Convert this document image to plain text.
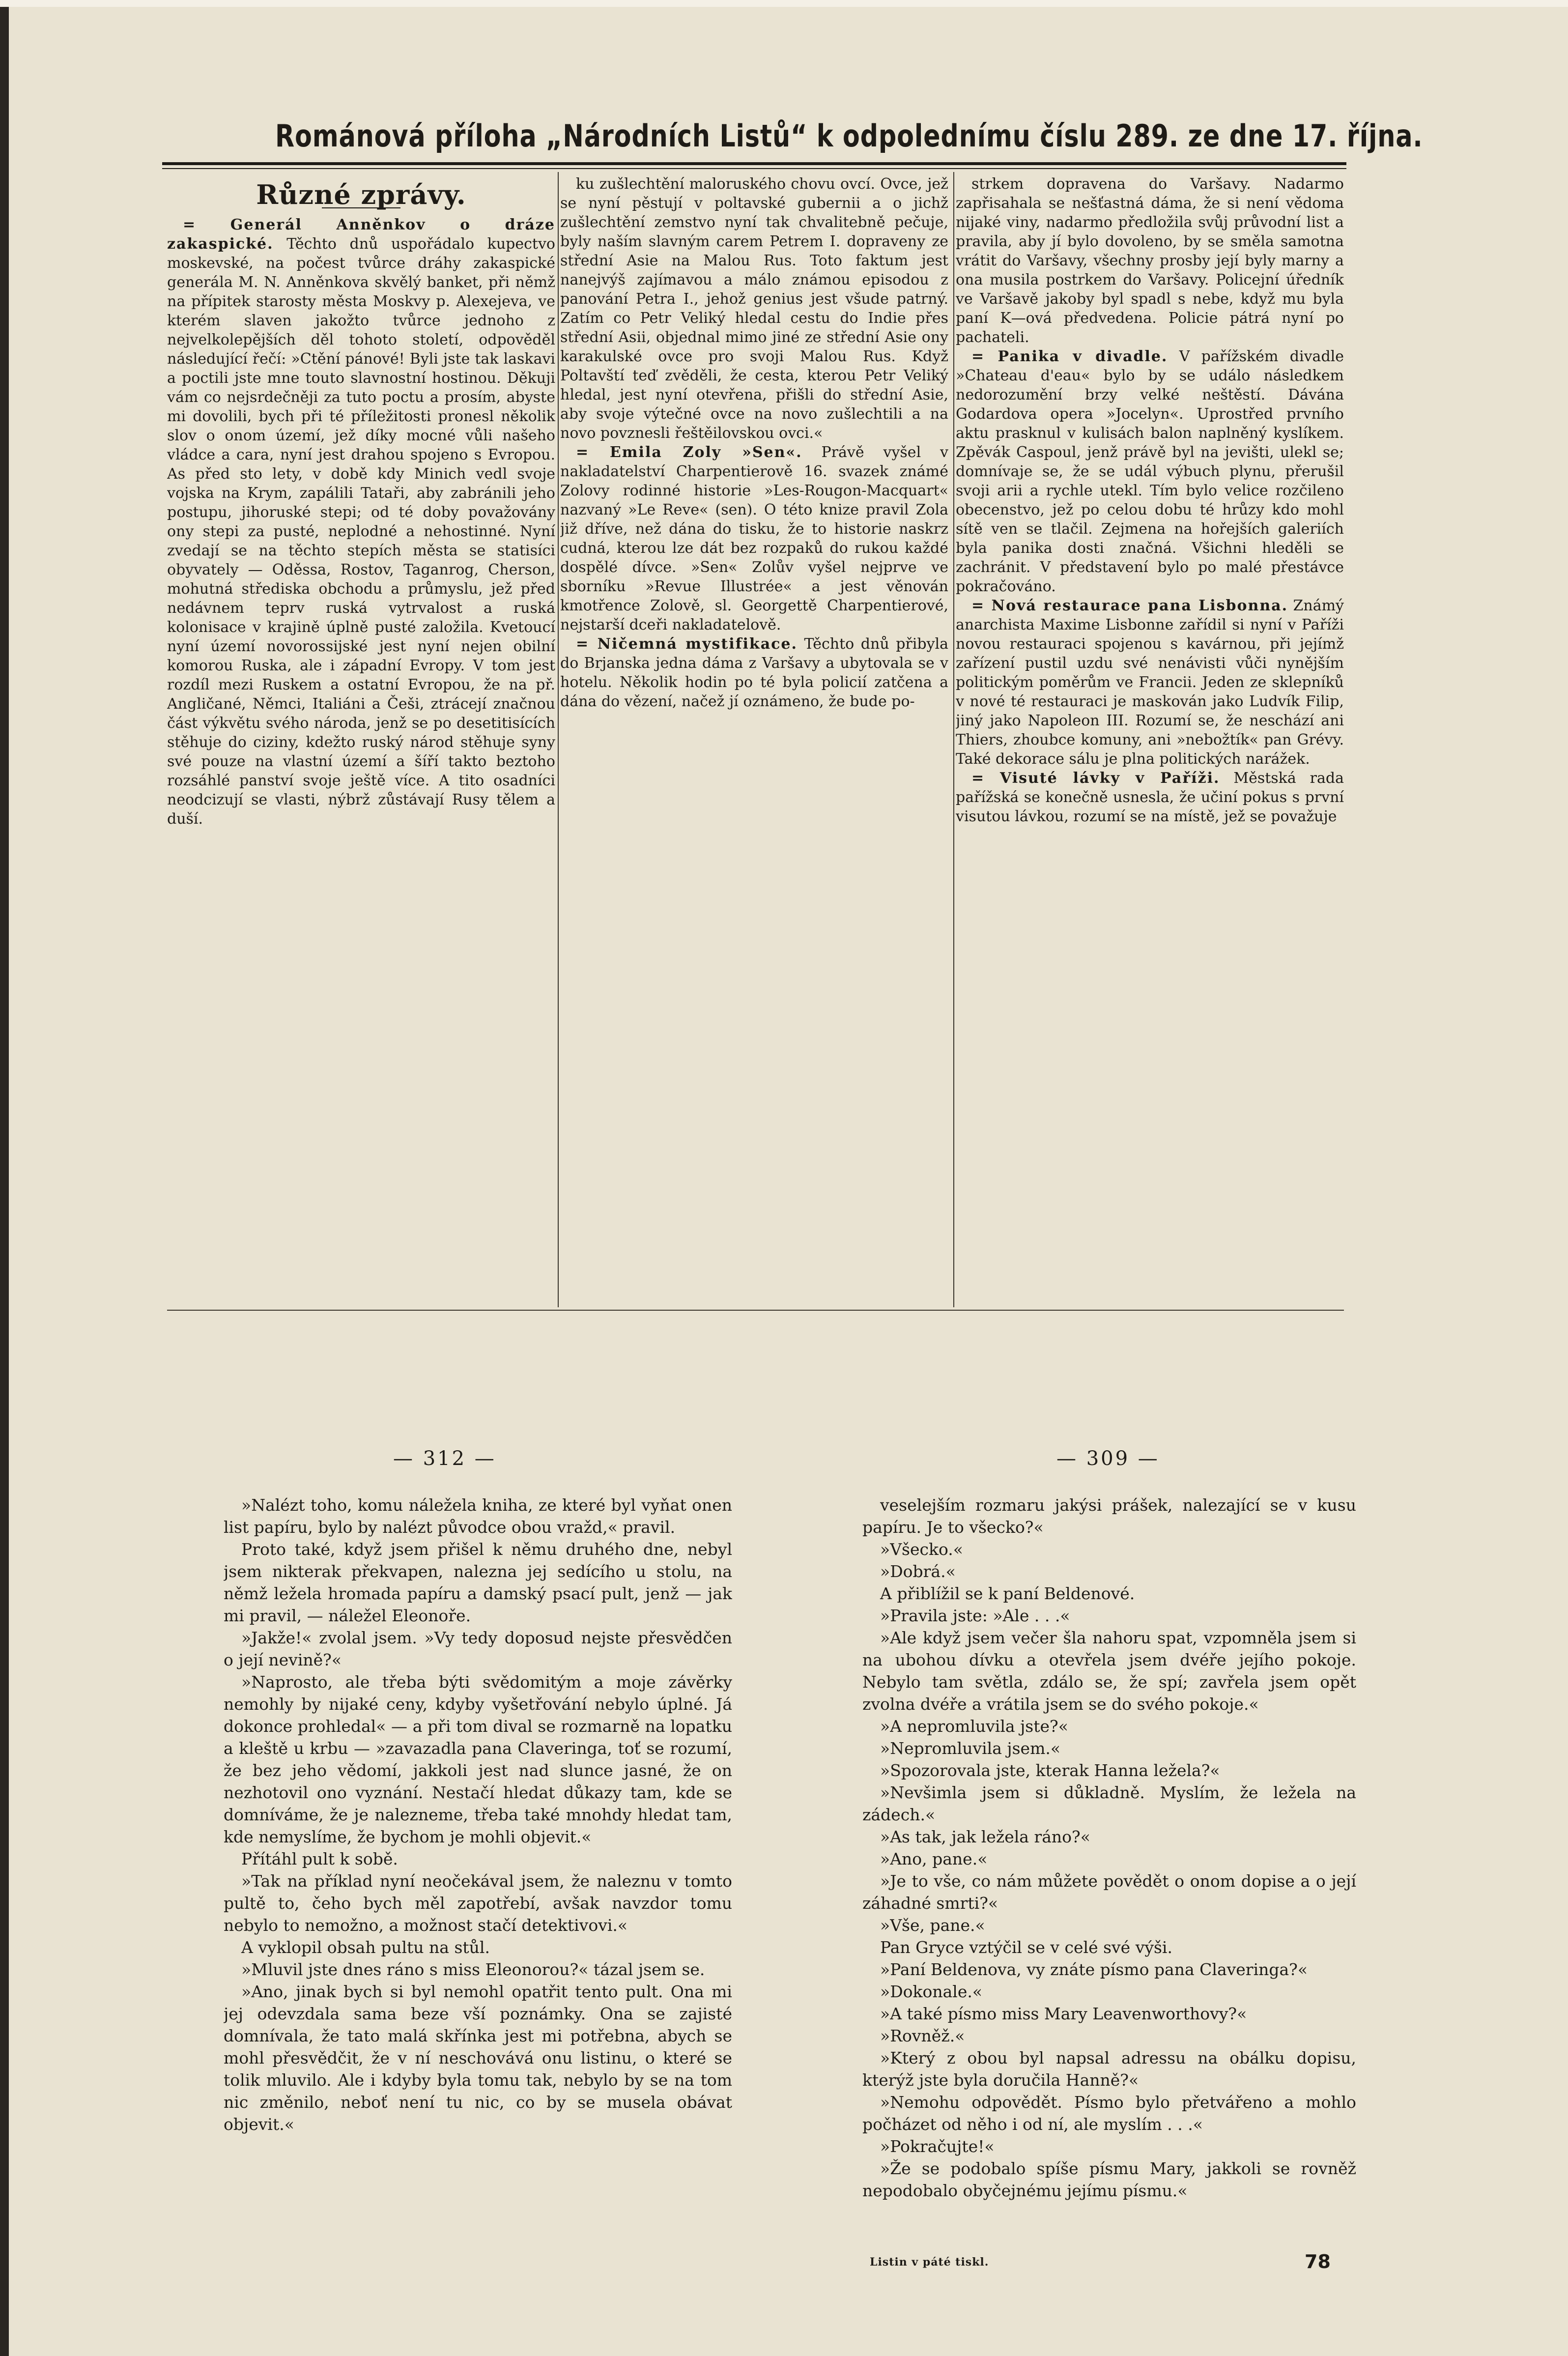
Románová příloha „Národních Listů“ k odpolednímu číslu 289. ze dne 17. října.
Různé zprávy.

= Generál Anněnkov o dráze zakaspické. Těchto dnů uspořádalo kupectvo moskevské, na počest tvůrce dráhy zakaspické generála M. N. Anněnkova skvělý banket, při němž na přípitek starosty města Moskvy p. Alexejeva, ve kterém slaven jakožto tvůrce jednoho z nejvelkolepějších děl tohoto století, odpověděl následující řečí: »Ctění pánové! Byli jste tak laskavi a poctili jste mne touto slavnostní hostinou. Děkuji vám co nejsrdečněji za tuto poctu a prosím, abyste mi dovolili, bych při té příležitosti pronesl několik slov o onom území, jež díky mocné vůli našeho vládce a cara, nyní jest drahou spojeno s Evropou. As před sto lety, v době kdy Minich vedl svoje vojska na Krym, zapálili Tataři, aby zabránili jeho postupu, jihoruské stepi; od té doby považovány ony stepi za pusté, neplodné a nehostinné. Nyní zvedají se na těchto stepích města se statisíci obyvately — Oděssa, Rostov, Taganrog, Cherson, mohutná střediska obchodu a průmyslu, jež před nedávnem teprv ruská vytrvalost a ruská kolonisace v krajině úplně pusté založila. Kvetoucí nyní území novorossijské jest nyní nejen obilní komorou Ruska, ale i západní Evropy. V tom jest rozdíl mezi Ruskem a ostatní Evropou, že na př. Angličané, Němci, Italiáni a Češi, ztrácejí značnou část výkvětu svého národa, jenž se po desetitisících stěhuje do ciziny, kdežto ruský národ stěhuje syny své pouze na vlastní území a šíří takto beztoho rozsáhlé panství svoje ještě více. A tito osadníci neodcizují se vlasti, nýbrž zůstávají Rusy tělem a duší.

ku zušlechtění maloruského chovu ovcí. Ovce, jež se nyní pěstují v poltavské gubernii a o jichž zušlechtění zemstvo nyní tak chvalitebně pečuje, byly naším slavným carem Petrem I. dopraveny ze střední Asie na Malou Rus. Toto faktum jest nanejvýš zajímavou a málo známou episodou z panování Petra I., jehož genius jest všude patrný. Zatím co Petr Veliký hledal cestu do Indie přes střední Asii, objednal mimo jiné ze střední Asie ony karakulské ovce pro svoji Malou Rus. Když Poltavští teď zvěděli, že cesta, kterou Petr Veliký hledal, jest nyní otevřena, přišli do střední Asie, aby svoje výtečné ovce na novo zušlechtili a na novo povznesli řeštěilovskou ovci.«

= Emila Zoly »Sen«. Právě vyšel v nakladatelství Charpentierově 16. svazek známé Zolovy rodinné historie »Les-Rougon-Macquart« nazvaný »Le Reve« (sen). O této knize pravil Zola již dříve, než dána do tisku, že to historie naskrz cudná, kterou lze dát bez rozpaků do rukou každé dospělé dívce. »Sen« Zolův vyšel nejprve ve sborníku »Revue Illustrée« a jest věnován kmotřence Zolově, sl. Georgettě Charpentierové, nejstarší dceři nakladatelově.

= Ničemná mystifikace. Těchto dnů přibyla do Brjanska jedna dáma z Varšavy a ubytovala se v hotelu. Několik hodin po té byla policií zatčena a dána do vězení, načež jí oznámeno, že bude po-

strkem dopravena do Varšavy. Nadarmo zapřisahala se nešťastná dáma, že si není vědoma nijaké viny, nadarmo předložila svůj průvodní list a pravila, aby jí bylo dovoleno, by se směla samotna vrátit do Varšavy, všechny prosby její byly marny a ona musila postrkem do Varšavy. Policejní úředník ve Varšavě jakoby byl spadl s nebe, když mu byla paní K—ová předvedena. Policie pátrá nyní po pachateli.

= Panika v divadle. V pařížském divadle »Chateau d'eau« bylo by se událo následkem nedorozumění brzy velké neštěstí. Dávána Godardova opera »Jocelyn«. Uprostřed prvního aktu prasknul v kulisách balon naplněný kyslíkem. Zpěvák Caspoul, jenž právě byl na jevišti, ulekl se; domnívaje se, že se udál výbuch plynu, přerušil svoji arii a rychle utekl. Tím bylo velice rozčileno obecenstvo, jež po celou dobu té hrůzy kdo mohl sítě ven se tlačil. Zejmena na hořejších galeriích byla panika dosti značná. Všichni hleděli se zachránit. V představení bylo po malé přestávce pokračováno.

= Nová restaurace pana Lisbonna. Známý anarchista Maxime Lisbonne zařídil si nyní v Paříži novou restauraci spojenou s kavárnou, při jejímž zařízení pustil uzdu své nenávisti vůči nynějším politickým poměrům ve Francii. Jeden ze sklepníků v nové té restauraci je maskován jako Ludvík Filip, jiný jako Napoleon III. Rozumí se, že neschází ani Thiers, zhoubce komuny, ani »nebožtík« pan Grévy. Také dekorace sálu je plna politických narážek.

= Visuté lávky v Paříži. Městská rada pařížská se konečně usnesla, že učiní pokus s první visutou lávkou, rozumí se na místě, jež se považuje

— 312 —	— 309 —

»Nalézt toho, komu náležela kniha, ze které byl vyňat onen list papíru, bylo by nalézt původce obou vražd,« pravil.

Proto také, když jsem přišel k němu druhého dne, nebyl jsem nikterak překvapen, nalezna jej sedícího u stolu, na němž ležela hromada papíru a damský psací pult, jenž — jak mi pravil, — náležel Eleonoře.

»Jakže!« zvolal jsem. »Vy tedy doposud nejste přesvědčen o její nevině?«

»Naprosto, ale třeba býti svědomitým a moje závěrky nemohly by nijaké ceny, kdyby vyšetřování nebylo úplné. Já dokonce prohledal« — a při tom dival se rozmarně na lopatku a kleště u krbu — »zavazadla pana Claveringa, toť se rozumí, že bez jeho vědomí, jakkoli jest nad slunce jasné, že on nezhotovil ono vyznání. Nestačí hledat důkazy tam, kde se domníváme, že je nalezneme, třeba také mnohdy hledat tam, kde nemyslíme, že bychom je mohli objevit.«

Přítáhl pult k sobě.

»Tak na příklad nyní neočekával jsem, že naleznu v tomto pultě to, čeho bych měl zapotřebí, avšak navzdor tomu nebylo to nemožno, a možnost stačí detektivovi.«

A vyklopil obsah pultu na stůl.

»Mluvil jste dnes ráno s miss Eleonorou?« tázal jsem se.

»Ano, jinak bych si byl nemohl opatřit tento pult. Ona mi jej odevzdala sama beze vší poznámky. Ona se zajisté domnívala, že tato malá skřínka jest mi potřebna, abych se mohl přesvědčit, že v ní neschovává onu listinu, o které se tolik mluvilo. Ale i kdyby byla tomu tak, nebylo by se na tom nic změnilo, neboť není tu nic, co by se musela obávat objevit.«

veselejším rozmaru jakýsi prášek, nalezající se v kusu papíru. Je to všecko?«

»Všecko.«

»Dobrá.«

A přiblížil se k paní Beldenové.

»Pravila jste: »Ale . . .«

»Ale když jsem večer šla nahoru spat, vzpomněla jsem si na ubohou dívku a otevřela jsem dvéře jejího pokoje. Nebylo tam světla, zdálo se, že spí; zavřela jsem opět zvolna dvéře a vrátila jsem se do svého pokoje.«

»A nepromluvila jste?«

»Nepromluvila jsem.«

»Spozorovala jste, kterak Hanna ležela?«

»Nevšimla jsem si důkladně. Myslím, že ležela na zádech.«

»As tak, jak ležela ráno?«

»Ano, pane.«

»Je to vše, co nám můžete povědět o onom dopise a o její záhadné smrti?«

»Vše, pane.«

Pan Gryce vztýčil se v celé své výši.

»Paní Beldenova, vy znáte písmo pana Claveringa?«

»Dokonale.«

»A také písmo miss Mary Leavenworthovy?«

»Rovněž.«

»Který z obou byl napsal adressu na obálku dopisu, kterýž jste byla doručila Hanně?«

»Nemohu odpovědět. Písmo bylo přetvářeno a mohlo počházet od něho i od ní, ale myslím . . .«

»Pokračujte!«

»Že se podobalo spíše písmu Mary, jakkoli se rovněž nepodobalo obyčejnému jejímu písmu.«

Listin v páté tiskl.	78
